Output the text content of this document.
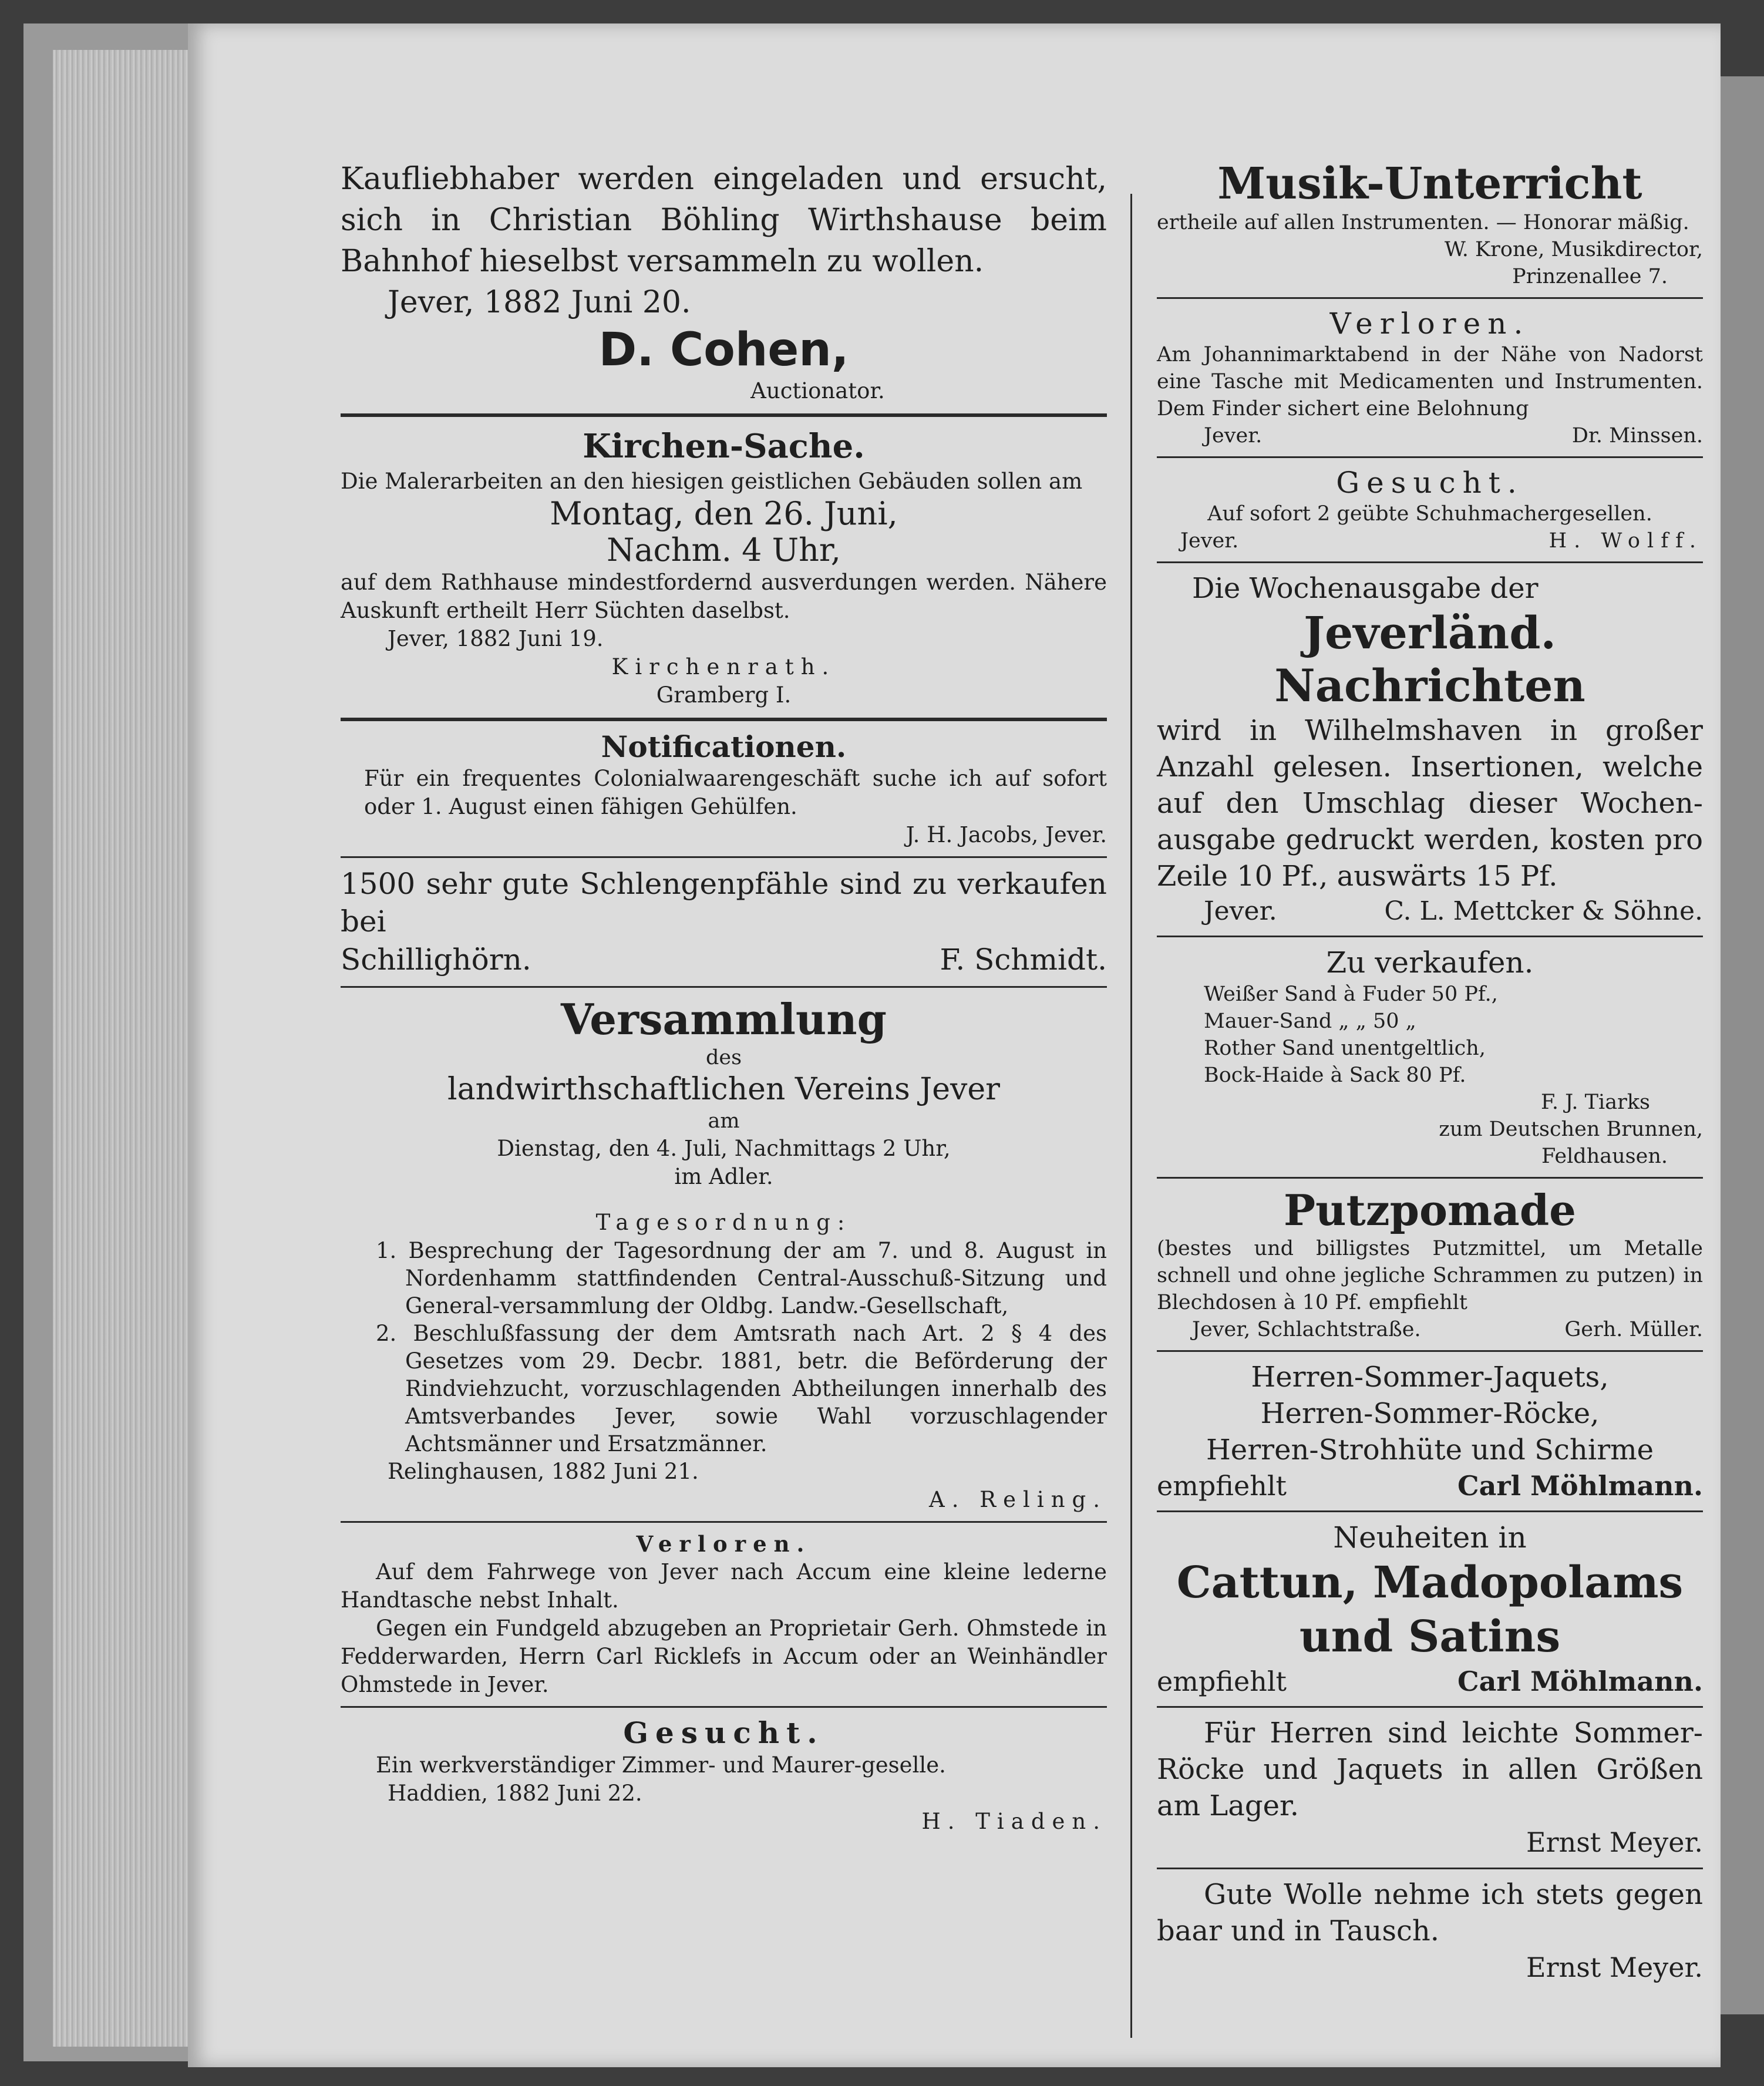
Kaufliebhaber werden eingeladen und ersucht, sich in Christian Böhling Wirthshause beim Bahnhof hieselbst versammeln zu wollen.

Jever, 1882 Juni 20.

D. Cohen,

Auctionator.

Kirchen-Sache.

Die Malerarbeiten an den hiesigen geistlichen Gebäuden sollen am

Montag, den 26. Juni,

Nachm. 4 Uhr,

auf dem Rathhause mindestfordernd ausverdungen werden. Nähere Auskunft ertheilt Herr Süchten daselbst.

Jever, 1882 Juni 19.

Kirchenrath.

Gramberg I.

Notificationen.

Für ein frequentes Colonialwaarengeschäft suche ich auf sofort oder 1. August einen fähigen Gehülfen.

J. H. Jacobs, Jever.

1500 sehr gute Schlengenpfähle sind zu verkaufen bei

Schillighörn.	F. Schmidt.

Versammlung

des

landwirthschaftlichen Vereins Jever

am

Dienstag, den 4. Juli, Nachmittags 2 Uhr,

im Adler.

Tagesordnung:

1. Besprechung der Tagesordnung der am 7. und 8. August in Nordenhamm stattfindenden Central-Ausschuß-Sitzung und General-versammlung der Oldbg. Landw.-Gesellschaft,

2. Beschlußfassung der dem Amtsrath nach Art. 2 § 4 des Gesetzes vom 29. Decbr. 1881, betr. die Beförderung der Rindviehzucht, vorzuschlagenden Abtheilungen innerhalb des Amtsverbandes Jever, sowie Wahl vorzuschlagender Achtsmänner und Ersatzmänner.

Relinghausen, 1882 Juni 21.

A. Reling.

Verloren.

Auf dem Fahrwege von Jever nach Accum eine kleine lederne Handtasche nebst Inhalt.

Gegen ein Fundgeld abzugeben an Proprietair Gerh. Ohmstede in Fedderwarden, Herrn Carl Ricklefs in Accum oder an Weinhändler Ohmstede in Jever.

Gesucht.

Ein werkverständiger Zimmer- und Maurer-geselle.

Haddien, 1882 Juni 22.

H. Tiaden.

Musik-Unterricht

ertheile auf allen Instrumenten. — Honorar mäßig.

W. Krone, Musikdirector,

Prinzenallee 7.

Verloren.

Am Johannimarktabend in der Nähe von Nadorst eine Tasche mit Medicamenten und Instrumenten. Dem Finder sichert eine Belohnung

Jever.	Dr. Minssen.

Gesucht.

Auf sofort 2 geübte Schuhmachergesellen.

Jever.	H. Wolff.

Die Wochenausgabe der

Jeverländ. Nachrichten

wird in Wilhelmshaven in großer Anzahl gelesen. Insertionen, welche auf den Umschlag dieser Wochen-ausgabe gedruckt werden, kosten pro Zeile 10 Pf., auswärts 15 Pf.

Jever.	C. L. Mettcker & Söhne.

Zu verkaufen.

Weißer Sand à Fuder 50 Pf.,

Mauer-Sand „ „ 50 „

Rother Sand unentgeltlich,

Bock-Haide à Sack 80 Pf.

F. J. Tiarks

zum Deutschen Brunnen,

Feldhausen.

Putzpomade

(bestes und billigstes Putzmittel, um Metalle schnell und ohne jegliche Schrammen zu putzen) in Blechdosen à 10 Pf. empfiehlt

Jever, Schlachtstraße.	Gerh. Müller.

Herren-Sommer-Jaquets,

Herren-Sommer-Röcke,

Herren-Strohhüte und Schirme

empfiehlt	Carl Möhlmann.

Neuheiten in

Cattun, Madopolams und Satins

empfiehlt	Carl Möhlmann.

Für Herren sind leichte Sommer-Röcke und Jaquets in allen Größen am Lager.

Ernst Meyer.

Gute Wolle nehme ich stets gegen baar und in Tausch.

Ernst Meyer.
